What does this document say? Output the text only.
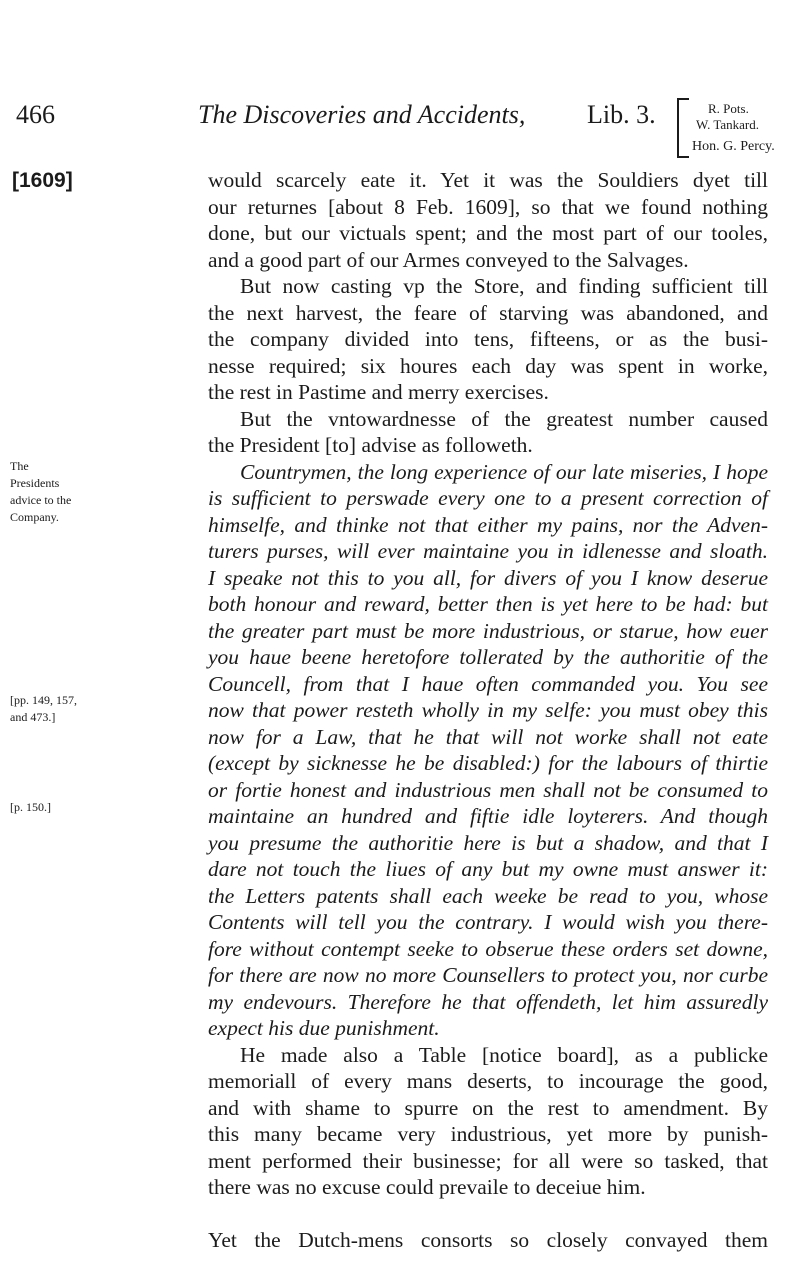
466	The Discoveries and Accidents, Lib. 3.	R. Pots.
W. Tankard.
Hon. G. Percy.
[1609]
The
Presidents
advice to the
Company.
[pp. 149, 157,
and 473.]
[p. 150.]
would scarcely eate it. Yet it was the Souldiers dyet till
our returnes [about 8 Feb. 1609], so that we found nothing
done, but our victuals spent; and the most part of our tooles,
and a good part of our Armes conveyed to the Salvages.
But now casting vp the Store, and finding sufficient till
the next harvest, the feare of starving was abandoned, and
the company divided into tens, fifteens, or as the busi-
nesse required; six houres each day was spent in worke,
the rest in Pastime and merry exercises.
But the vntowardnesse of the greatest number caused
the President [to] advise as followeth.
Countrymen, the long experience of our late miseries, I hope
is sufficient to perswade every one to a present correction of
himselfe, and thinke not that either my pains, nor the Adven-
turers purses, will ever maintaine you in idlenesse and sloath.
I speake not this to you all, for divers of you I know deserue
both honour and reward, better then is yet here to be had: but
the greater part must be more industrious, or starue, how euer
you haue beene heretofore tollerated by the authoritie of the
Councell, from that I haue often commanded you. You see
now that power resteth wholly in my selfe: you must obey this
now for a Law, that he that will not worke shall not eate
(except by sicknesse he be disabled:) for the labours of thirtie
or fortie honest and industrious men shall not be consumed to
maintaine an hundred and fiftie idle loyterers. And though
you presume the authoritie here is but a shadow, and that I
dare not touch the liues of any but my owne must answer it:
the Letters patents shall each weeke be read to you, whose
Contents will tell you the contrary. I would wish you there-
fore without contempt seeke to obserue these orders set downe,
for there are now no more Counsellers to protect you, nor curbe
my endevours. Therefore he that offendeth, let him assuredly
expect his due punishment.
He made also a Table [notice board], as a publicke
memoriall of every mans deserts, to incourage the good,
and with shame to spurre on the rest to amendment. By
this many became very industrious, yet more by punish-
ment performed their businesse; for all were so tasked, that
there was no excuse could prevaile to deceiue him.
Yet the Dutch-mens consorts so closely convayed them
